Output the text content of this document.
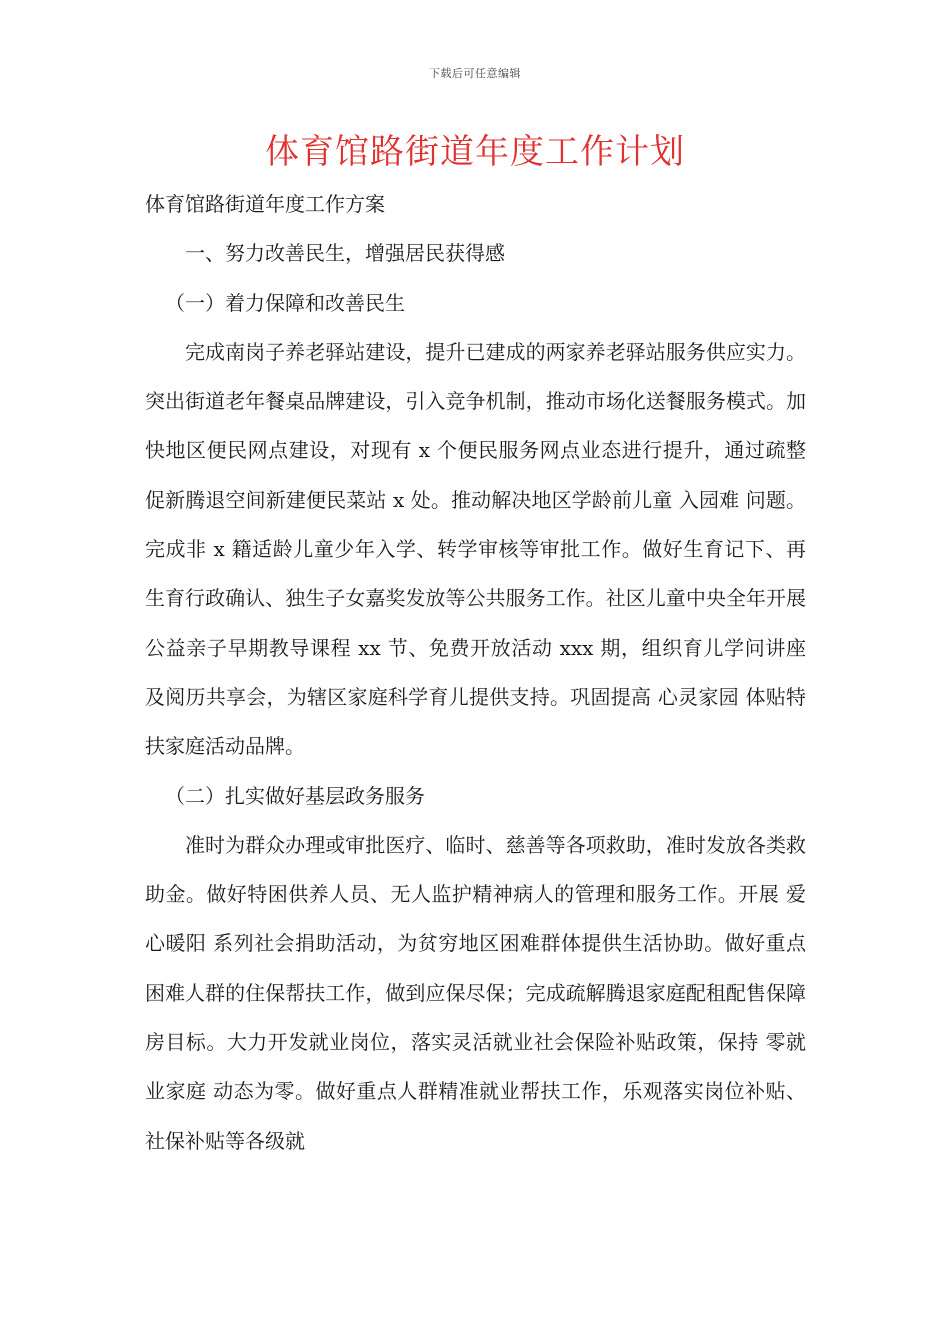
下载后可任意编辑
体育馆路街道年度工作计划

体育馆路街道年度工作方案

一、努力改善民生，增强居民获得感

（一）着力保障和改善民生

完成南岗子养老驿站建设，提升已建成的两家养老驿站服务供应实力。突出街道老年餐桌品牌建设，引入竞争机制，推动市场化送餐服务模式。加快地区便民网点建设，对现有 x 个便民服务网点业态进行提升，通过疏整促新腾退空间新建便民菜站 x 处。推动解决地区学龄前儿童 入园难 问题。完成非 x 籍适龄儿童少年入学、转学审核等审批工作。做好生育记下、再生育行政确认、独生子女嘉奖发放等公共服务工作。社区儿童中央全年开展公益亲子早期教导课程 xx 节、免费开放活动 xxx 期，组织育儿学问讲座及阅历共享会，为辖区家庭科学育儿提供支持。巩固提高 心灵家园 体贴特扶家庭活动品牌。

（二）扎实做好基层政务服务

准时为群众办理或审批医疗、临时、慈善等各项救助，准时发放各类救助金。做好特困供养人员、无人监护精神病人的管理和服务工作。开展 爱心暖阳 系列社会捐助活动，为贫穷地区困难群体提供生活协助。做好重点困难人群的住保帮扶工作，做到应保尽保；完成疏解腾退家庭配租配售保障房目标。大力开发就业岗位，落实灵活就业社会保险补贴政策，保持 零就业家庭 动态为零。做好重点人群精准就业帮扶工作，乐观落实岗位补贴、社保补贴等各级就
